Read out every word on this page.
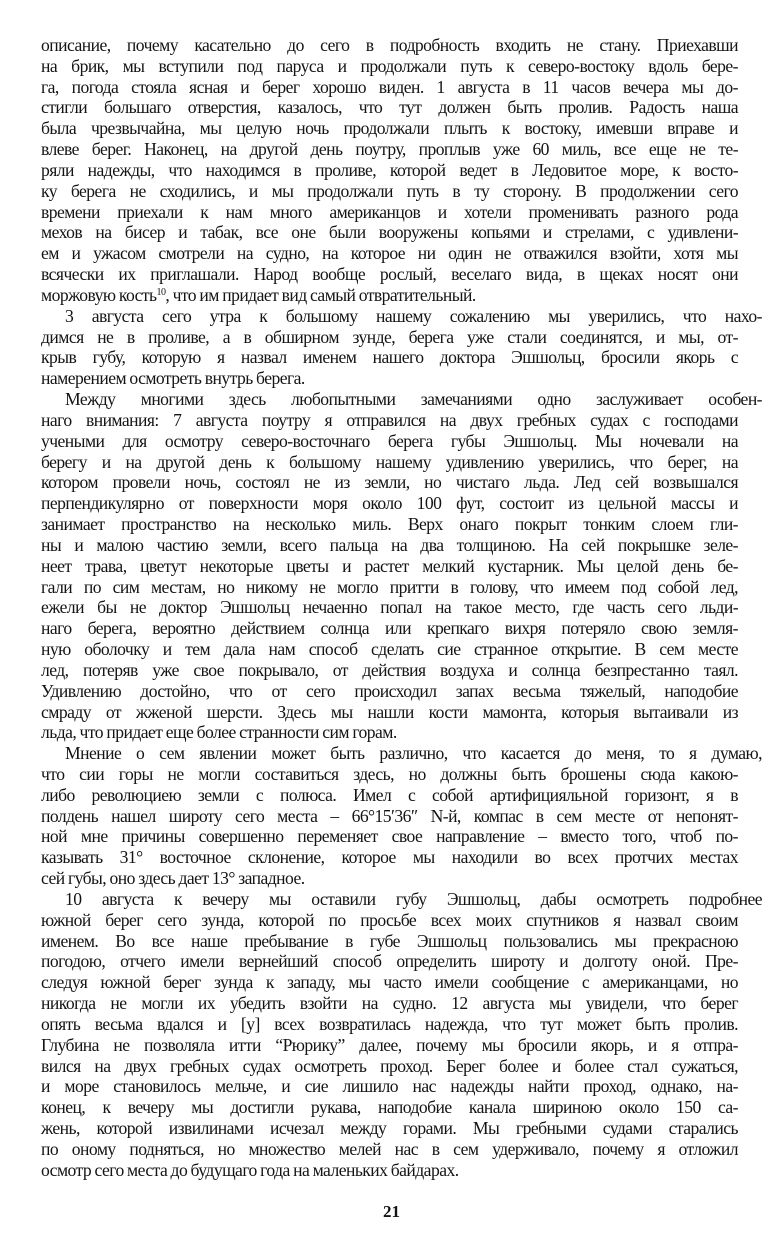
описание, почему касательно до сего в подробность входить не стану. Приехавши
на брик, мы вступили под паруса и продолжали путь к северо-востоку вдоль бере-
га, погода стояла ясная и берег хорошо виден. 1 августа в 11 часов вечера мы до-
стигли большаго отверстия, казалось, что тут должен быть пролив. Радость наша
была чрезвычайна, мы целую ночь продолжали плыть к востоку, имевши вправе и
влеве берег. Наконец, на другой день поутру, проплыв уже 60 миль, все еще не те-
ряли надежды, что находимся в проливе, которой ведет в Ледовитое море, к восто-
ку берега не сходились, и мы продолжали путь в ту сторону. В продолжении сего
времени приехали к нам много американцов и хотели променивать разного рода
мехов на бисер и табак, все оне были вооружены копьями и стрелами, с удивлени-
ем и ужасом смотрели на судно, на которое ни один не отважился взойти, хотя мы
всячески их приглашали. Народ вообще рослый, веселаго вида, в щеках носят они
моржовую кость$^{10}$, что им придает вид самый отвратительный.
3 августа сего утра к большому нашему сожалению мы уверились, что нахо-
димся не в проливе, а в обширном зунде, берега уже стали соединятся, и мы, от-
крыв губу, которую я назвал именем нашего доктора Эшшольц, бросили якорь с
намерением осмотреть внутрь берега.
Между многими здесь любопытными замечаниями одно заслуживает особен-
наго внимания: 7 августа поутру я отправился на двух гребных судах с господами
учеными для осмотру северо-восточнаго берега губы Эшшольц. Мы ночевали на
берегу и на другой день к большому нашему удивлению уверились, что берег, на
котором провели ночь, состоял не из земли, но чистаго льда. Лед сей возвышался
перпендикулярно от поверхности моря около 100 фут, состоит из цельной массы и
занимает пространство на несколько миль. Верх онаго покрыт тонким слоем гли-
ны и малою частию земли, всего пальца на два толщиною. На сей покрышке зеле-
неет трава, цветут некоторые цветы и растет мелкий кустарник. Мы целой день бе-
гали по сим местам, но никому не могло притти в голову, что имеем под собой лед,
ежели бы не доктор Эшшольц нечаенно попал на такое место, где часть сего льди-
наго берега, вероятно действием солнца или крепкаго вихря потеряло свою земля-
ную оболочку и тем дала нам способ сделать сие странное открытие. В сем месте
лед, потеряв уже свое покрывало, от действия воздуха и солнца безпрестанно таял.
Удивлению достойно, что от сего происходил запах весьма тяжелый, наподобие
смраду от жженой шерсти. Здесь мы нашли кости мамонта, которыя вытаивали из
льда, что придает еще более странности сим горам.
Мнение о сем явлении может быть различно, что касается до меня, то я думаю,
что сии горы не могли составиться здесь, но должны быть брошены сюда какою-
либо революциею земли с полюса. Имел с собой артифицияльной горизонт, я в
полдень нашел широту сего места – 66°15′36″ N-й, компас в сем месте от непонят-
ной мне причины совершенно переменяет свое направление – вместо того, чтоб по-
казывать 31° восточное склонение, которое мы находили во всех протчих местах
сей губы, оно здесь дает 13° западное.
10 августа к вечеру мы оставили губу Эшшольц, дабы осмотреть подробнее
южной берег сего зунда, которой по просьбе всех моих спутников я назвал своим
именем. Во все наше пребывание в губе Эшшольц пользовались мы прекрасною
погодою, отчего имели вернейший способ определить широту и долготу оной. Пре-
следуя южной берег зунда к западу, мы часто имели сообщение с американцами, но
никогда не могли их убедить взойти на судно. 12 августа мы увидели, что берег
опять весьма вдался и [у] всех возвратилась надежда, что тут может быть пролив.
Глубина не позволяла итти “Рюрику” далее, почему мы бросили якорь, и я отпра-
вился на двух гребных судах осмотреть проход. Берег более и более стал сужаться,
и море становилось мельче, и сие лишило нас надежды найти проход, однако, на-
конец, к вечеру мы достигли рукава, наподобие канала шириною около 150 са-
жень, которой извилинами исчезал между горами. Мы гребными судами старались
по оному подняться, но множество мелей нас в сем удерживало, почему я отложил
осмотр сего места до будущаго года на маленьких байдарах.
21
